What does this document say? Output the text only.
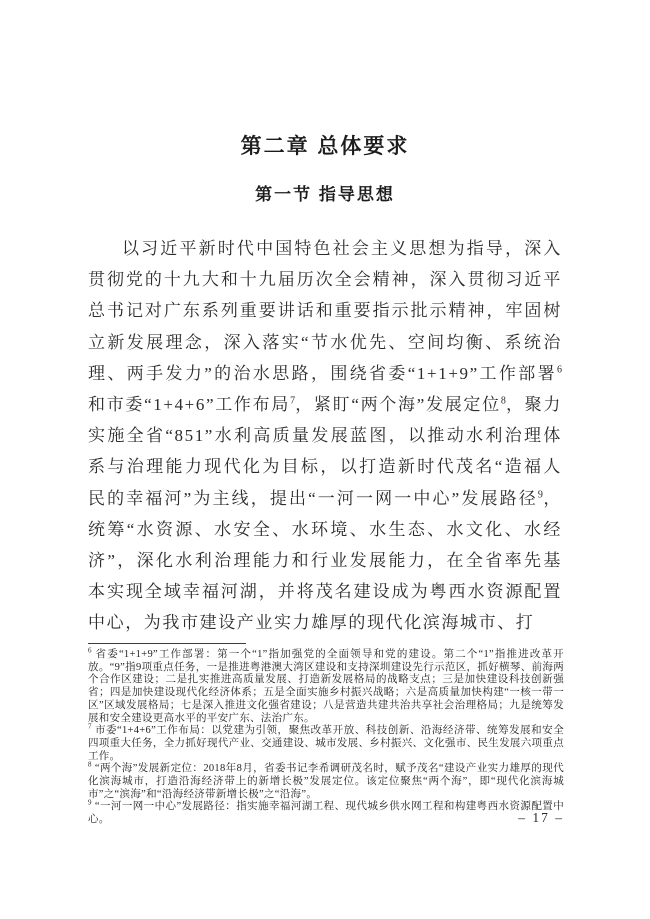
第二章 总体要求
第一节 指导思想

以习近平新时代中国特色社会主义思想为指导，深入贯彻党的十九大和十九届历次全会精神，深入贯彻习近平总书记对广东系列重要讲话和重要指示批示精神，牢固树立新发展理念，深入落实“节水优先、空间均衡、系统治理、两手发力”的治水思路，围绕省委“1+1+9”工作部署$^6$和市委“1+4+6”工作布局$^7$，紧盯“两个海”发展定位$^8$，聚力实施全省“851”水利高质量发展蓝图，以推动水利治理体系与治理能力现代化为目标，以打造新时代茂名“造福人民的幸福河”为主线，提出“一河一网一中心”发展路径$^9$，统筹“水资源、水安全、水环境、水生态、水文化、水经济”，深化水利治理能力和行业发展能力，在全省率先基本实现全域幸福河湖，并将茂名建设成为粤西水资源配置中心，为我市建设产业实力雄厚的现代化滨海城市、打

$^6$ 省委“1+1+9”工作部署：第一个“1”指加强党的全面领导和党的建设。第二个“1”指推进改革开放。“9”指9项重点任务，一是推进粤港澳大湾区建设和支持深圳建设先行示范区，抓好横琴、前海两个合作区建设；二是扎实推进高质量发展、打造新发展格局的战略支点；三是加快建设科技创新强省；四是加快建设现代化经济体系；五是全面实施乡村振兴战略；六是高质量加快构建“一核一带一区”区域发展格局；七是深入推进文化强省建设；八是营造共建共治共享社会治理格局；九是统筹发展和安全建设更高水平的平安广东、法治广东。

$^7$ 市委“1+4+6”工作布局：以党建为引领，聚焦改革开放、科技创新、沿海经济带、统筹发展和安全四项重大任务，全力抓好现代产业、交通建设、城市发展、乡村振兴、文化强市、民生发展六项重点工作。

$^8$ “两个海”发展新定位：2018年8月，省委书记李希调研茂名时，赋予茂名“建设产业实力雄厚的现代化滨海城市，打造沿海经济带上的新增长极”发展定位。该定位聚焦“两个海”，即“现代化滨海城市”之“滨海”和“沿海经济带新增长极”之“沿海”。

$^9$ “一河一网一中心”发展路径：指实施幸福河湖工程、现代城乡供水网工程和构建粤西水资源配置中心。	– 17 –
